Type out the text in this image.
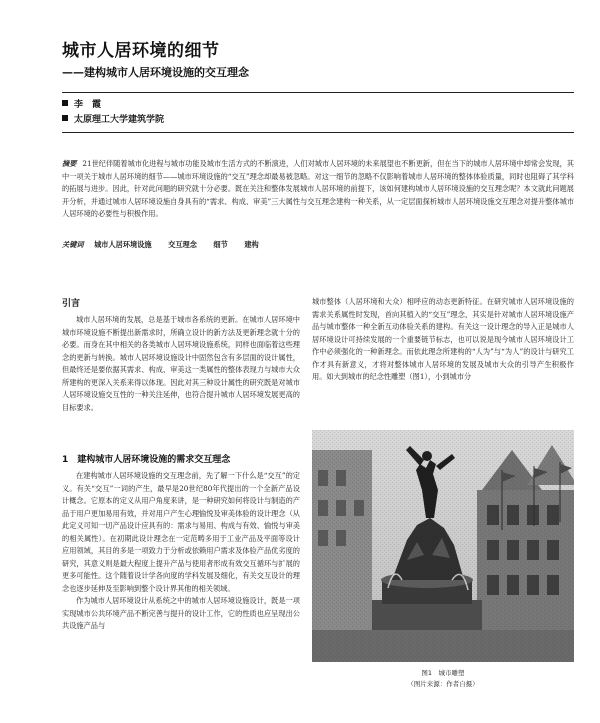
城市人居环境的细节
——建构城市人居环境设施的交互理念
李　霞
太原理工大学建筑学院
摘要 21世纪伴随着城市化进程与城市功能及城市生活方式的不断演进，人们对城市人居环境的未来展望也不断更新，但在当下的城市人居环境中却常会发现，其中一项关于城市人居环境的细节——城市环境设施的“交互”理念却最易被忽略。对这一细节的忽略不仅影响着城市人居环境的整体体验质量，同时也阻碍了其学科的拓展与进步。因此，针对此问题的研究就十分必要。既在关注和整体发展城市人居环境的前提下，该如何建构城市人居环境设施的交互理念呢？本文就此问题展开分析，并通过城市人居环境设施自身具有的“需求、构成、审美”三大属性与交互理念建构一种关系，从一定层面探析城市人居环境设施交互理念对提升整体城市人居环境的必要性与积极作用。
关键词 城市人居环境设施 交互理念 细节 建构
引言

城市人居环境的发展，总是基于城市各系统的更新。在城市人居环境中城市环境设施不断提出新需求时，所确立设计的新方法及更新理念就十分的必要。而身在其中相关的各类城市人居环境设施系统，同样也面临着这些理念的更新与转换。城市人居环境设施设计中固然包含有多层面的设计属性，但最终还是要依据其需求、构成、审美这一类属性的整体表现力与城市大众所建构的更深入关系来得以体现。因此对其三种设计属性的研究既是对城市人居环境设施交互性的一种关注延伸，也符合提升城市人居环境发展更高的目标要求。

1　建构城市人居环境设施的需求交互理念

在建构城市人居环境设施的交互理念前，先了解一下什么是“交互”的定义。有关“交互”一词的产生，最早是20世纪80年代提出的一个全新产品设计概念。它原本的定义从用户角度来讲，是一种研究如何将设计与制造的产品于用户更加易用有效，并对用户产生心理愉悦及审美体验的设计理念（从此定义可知一切产品设计应具有的：需求与易用、构成与有效、愉悦与审美的相关属性）。在初期此设计理念在一定范畴多用于工业产品及平面等设计应用领域，其目的多是一项致力于分析或依赖用户需求及体验产品优劣度的研究，其意义则是最大程度上提升产品与使用者形成有效交互循环与扩展的更多可能性。这个随着设计学各向度的学科发展及细化，有关交互设计的理念也逐步延伸及至影响到整个设计界其他的相关领域。

作为城市人居环境设计从系统之中的城市人居环境设施设计，既是一项实现城市公共环境产品不断完善与提升的设计工作，它的性质也应呈现出公共设施产品与

城市整体（人居环境和大众）相呼应的动态更新特征。在研究城市人居环境设施的需求关系属性时发现，首向其植入的“交互”理念，其实是针对城市人居环境设施产品与城市整体一种全新互动体验关系的建构。有关这一设计理念的导入正是城市人居环境设计可持续发展的一个重要链节标志，也可以说是现今城市人居环境设计工作中必须强化的一种新理念。而依此理念所建构的“人为”与“为人”的设计与研究工作才具有新意义，才将对整体城市人居环境的发展及城市大众的引导产生积极作用。如大到城市的纪念性雕塑（图1），小到城市分

图1　城市雕塑
（图片来源：作者自摄）
